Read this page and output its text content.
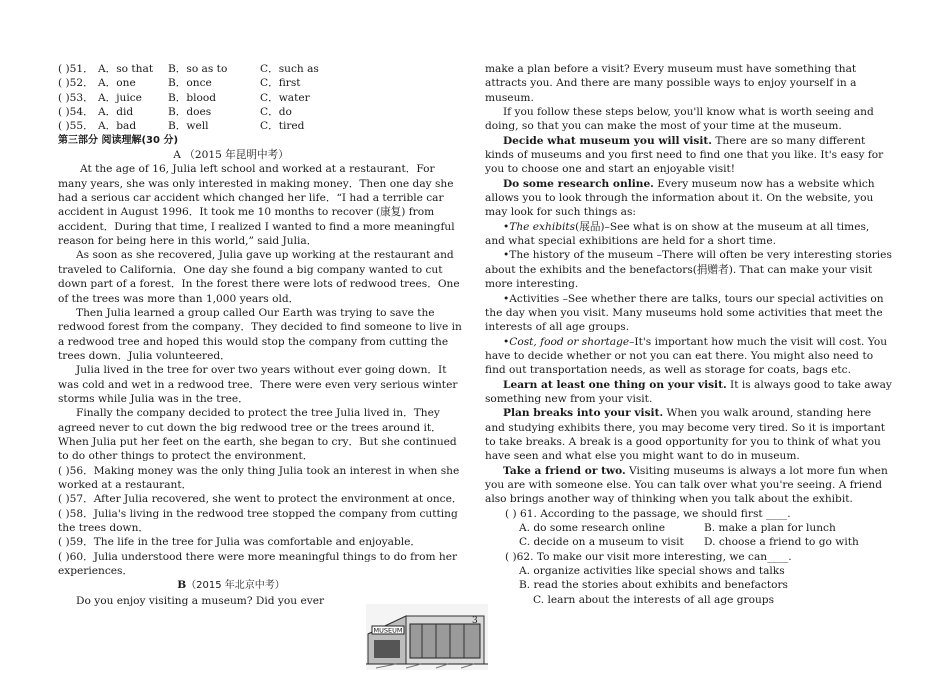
( )51． A．so that	B．so as to	C．such as
( )52． A．one	B．once	C．first
( )53． A．juice	B．blood	C．water
( )54． A．did	B．does	C．do
( )55． A．bad	B．well	C．tired
第三部分 阅读理解(30 分)
A （2015 年昆明中考）

At the age of 16, Julia left school and worked at a restaurant．For many years, she was only interested in making money．Then one day she had a serious car accident which changed her life．“I had a terrible car accident in August 1996．It took me 10 months to recover (康复) from accident．During that time, I realized I wanted to find a more meaningful reason for being here in this world,” said Julia．

As soon as she recovered, Julia gave up working at the restaurant and traveled to California．One day she found a big company wanted to cut down part of a forest．In the forest there were lots of redwood trees．One of the trees was more than 1,000 years old．

Then Julia learned a group called Our Earth was trying to save the redwood forest from the company．They decided to find someone to live in a redwood tree and hoped this would stop the company from cutting the trees down．Julia volunteered．

Julia lived in the tree for over two years without ever going down．It was cold and wet in a redwood tree．There were even very serious winter storms while Julia was in the tree．

Finally the company decided to protect the tree Julia lived in．They agreed never to cut down the big redwood tree or the trees around it．When Julia put her feet on the earth, she began to cry．But she continued to do other things to protect the environment．

( )56．Making money was the only thing Julia took an interest in when she worked at a restaurant．

( )57．After Julia recovered, she went to protect the environment at once．

( )58．Julia's living in the redwood tree stopped the company from cutting the trees down．

( )59．The life in the tree for Julia was comfortable and enjoyable．

( )60．Julia understood there were more meaningful things to do from her experiences．

B（2015 年北京中考）

Do you enjoy visiting a museum? Did you ever

make a plan before a visit? Every museum must have something that attracts you. And there are many possible ways to enjoy yourself in a museum.

If you follow these steps below, you'll know what is worth seeing and doing, so that you can make the most of your time at the museum.

Decide what museum you will visit. There are so many different kinds of museums and you first need to find one that you like. It's easy for you to choose one and start an enjoyable visit!

Do some research online. Every museum now has a website which allows you to look through the information about it. On the website, you may look for such things as:

•The exhibits(展品)–See what is on show at the museum at all times, and what special exhibitions are held for a short time.

•The history of the museum –There will often be very interesting stories about the exhibits and the benefactors(捐赠者). That can make your visit more interesting.

•Activities –See whether there are talks, tours our special activities on the day when you visit. Many museums hold some activities that meet the interests of all age groups.

•Cost, food or shortage–It's important how much the visit will cost. You have to decide whether or not you can eat there. You might also need to find out transportation needs, as well as storage for coats, bags etc.

Learn at least one thing on your visit. It is always good to take away something new from your visit.

Plan breaks into your visit. When you walk around, standing here and studying exhibits there, you may become very tired. So it is important to take breaks. A break is a good opportunity for you to think of what you have seen and what else you might want to do in museum.

Take a friend or two. Visiting museums is always a lot more fun when you are with someone else. You can talk over what you're seeing. A friend also brings another way of thinking when you talk about the exhibit.

( ) 61. According to the passage, we should first ____.

A. do some research online	B. make a plan for lunch

C. decide on a museum to visit D. choose a friend to go with

( )62. To make our visit more interesting, we can____.

A. organize activities like special shows and talks

B. read the stories about exhibits and benefactors

C. learn about the interests of all age groups

MUSEUM
3
